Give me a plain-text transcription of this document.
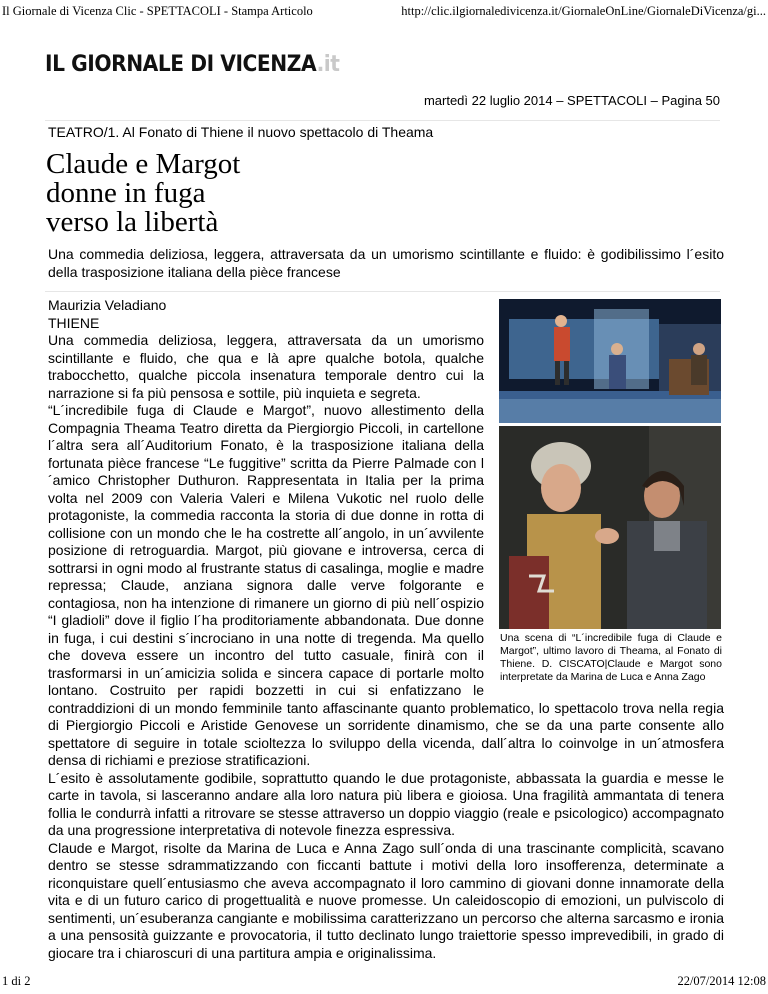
Il Giornale di Vicenza Clic - SPETTACOLI - Stampa Articolo	http://clic.ilgiornaledivicenza.it/GiornaleOnLine/GiornaleDiVicenza/gi...
IL GIORNALE DI VICENZA.it
martedì 22 luglio 2014 – SPETTACOLI – Pagina 50
TEATRO/1. Al Fonato di Thiene il nuovo spettacolo di Theama
Claude e Margot
donne in fuga
verso la libertà

Una commedia deliziosa, leggera, attraversata da un umorismo scintillante e fluido: è godibilissimo l´esito della trasposizione italiana della pièce francese

Una scena di “L´incredibile fuga di Claude e Margot”, ultimo lavoro di Theama, al Fonato di Thiene. D. CISCATO|Claude e Margot sono interpretate da Marina de Luca e Anna Zago

Maurizia Veladiano

THIENE

Una commedia deliziosa, leggera, attraversata da un umorismo scintillante e fluido, che qua e là apre qualche botola, qualche trabocchetto, qualche piccola insenatura temporale dentro cui la narrazione si fa più pensosa e sottile, più inquieta e segreta.

“L´incredibile fuga di Claude e Margot”, nuovo allestimento della Compagnia Theama Teatro diretta da Piergiorgio Piccoli, in cartellone l´altra sera all´Auditorium Fonato, è la trasposizione italiana della fortunata pièce francese “Le fuggitive” scritta da Pierre Palmade con l´amico Christopher Duthuron. Rappresentata in Italia per la prima volta nel 2009 con Valeria Valeri e Milena Vukotic nel ruolo delle protagoniste, la commedia racconta la storia di due donne in rotta di collisione con un mondo che le ha costrette all´angolo, in un´avvilente posizione di retroguardia. Margot, più giovane e introversa, cerca di sottrarsi in ogni modo al frustrante status di casalinga, moglie e madre repressa; Claude, anziana signora dalle verve folgorante e contagiosa, non ha intenzione di rimanere un giorno di più nell´ospizio “I gladioli” dove il figlio l´ha proditoriamente abbandonata. Due donne in fuga, i cui destini s´incrociano in una notte di tregenda. Ma quello che doveva essere un incontro del tutto casuale, finirà con il trasformarsi in un´amicizia solida e sincera capace di portarle molto lontano. Costruito per rapidi bozzetti in cui si enfatizzano le contraddizioni di un mondo femminile tanto affascinante quanto problematico, lo spettacolo trova nella regia di Piergiorgio Piccoli e Aristide Genovese un sorridente dinamismo, che se da una parte consente allo spettatore di seguire in totale scioltezza lo sviluppo della vicenda, dall´altra lo coinvolge in un´atmosfera densa di richiami e preziose stratificazioni.

L´esito è assolutamente godibile, soprattutto quando le due protagoniste, abbassata la guardia e messe le carte in tavola, si lasceranno andare alla loro natura più libera e gioiosa. Una fragilità ammantata di tenera follia le condurrà infatti a ritrovare se stesse attraverso un doppio viaggio (reale e psicologico) accompagnato da una progressione interpretativa di notevole finezza espressiva.

Claude e Margot, risolte da Marina de Luca e Anna Zago sull´onda di una trascinante complicità, scavano dentro se stesse sdrammatizzando con ficcanti battute i motivi della loro insofferenza, determinate a riconquistare quell´entusiasmo che aveva accompagnato il loro cammino di giovani donne innamorate della vita e di un futuro carico di progettualità e nuove promesse. Un caleidoscopio di emozioni, un pulviscolo di sentimenti, un´esuberanza cangiante e mobilissima caratterizzano un percorso che alterna sarcasmo e ironia a una pensosità guizzante e provocatoria, il tutto declinato lungo traiettorie spesso imprevedibili, in grado di giocare tra i chiaroscuri di una partitura ampia e originalissima.

1 di 2	22/07/2014 12:08
